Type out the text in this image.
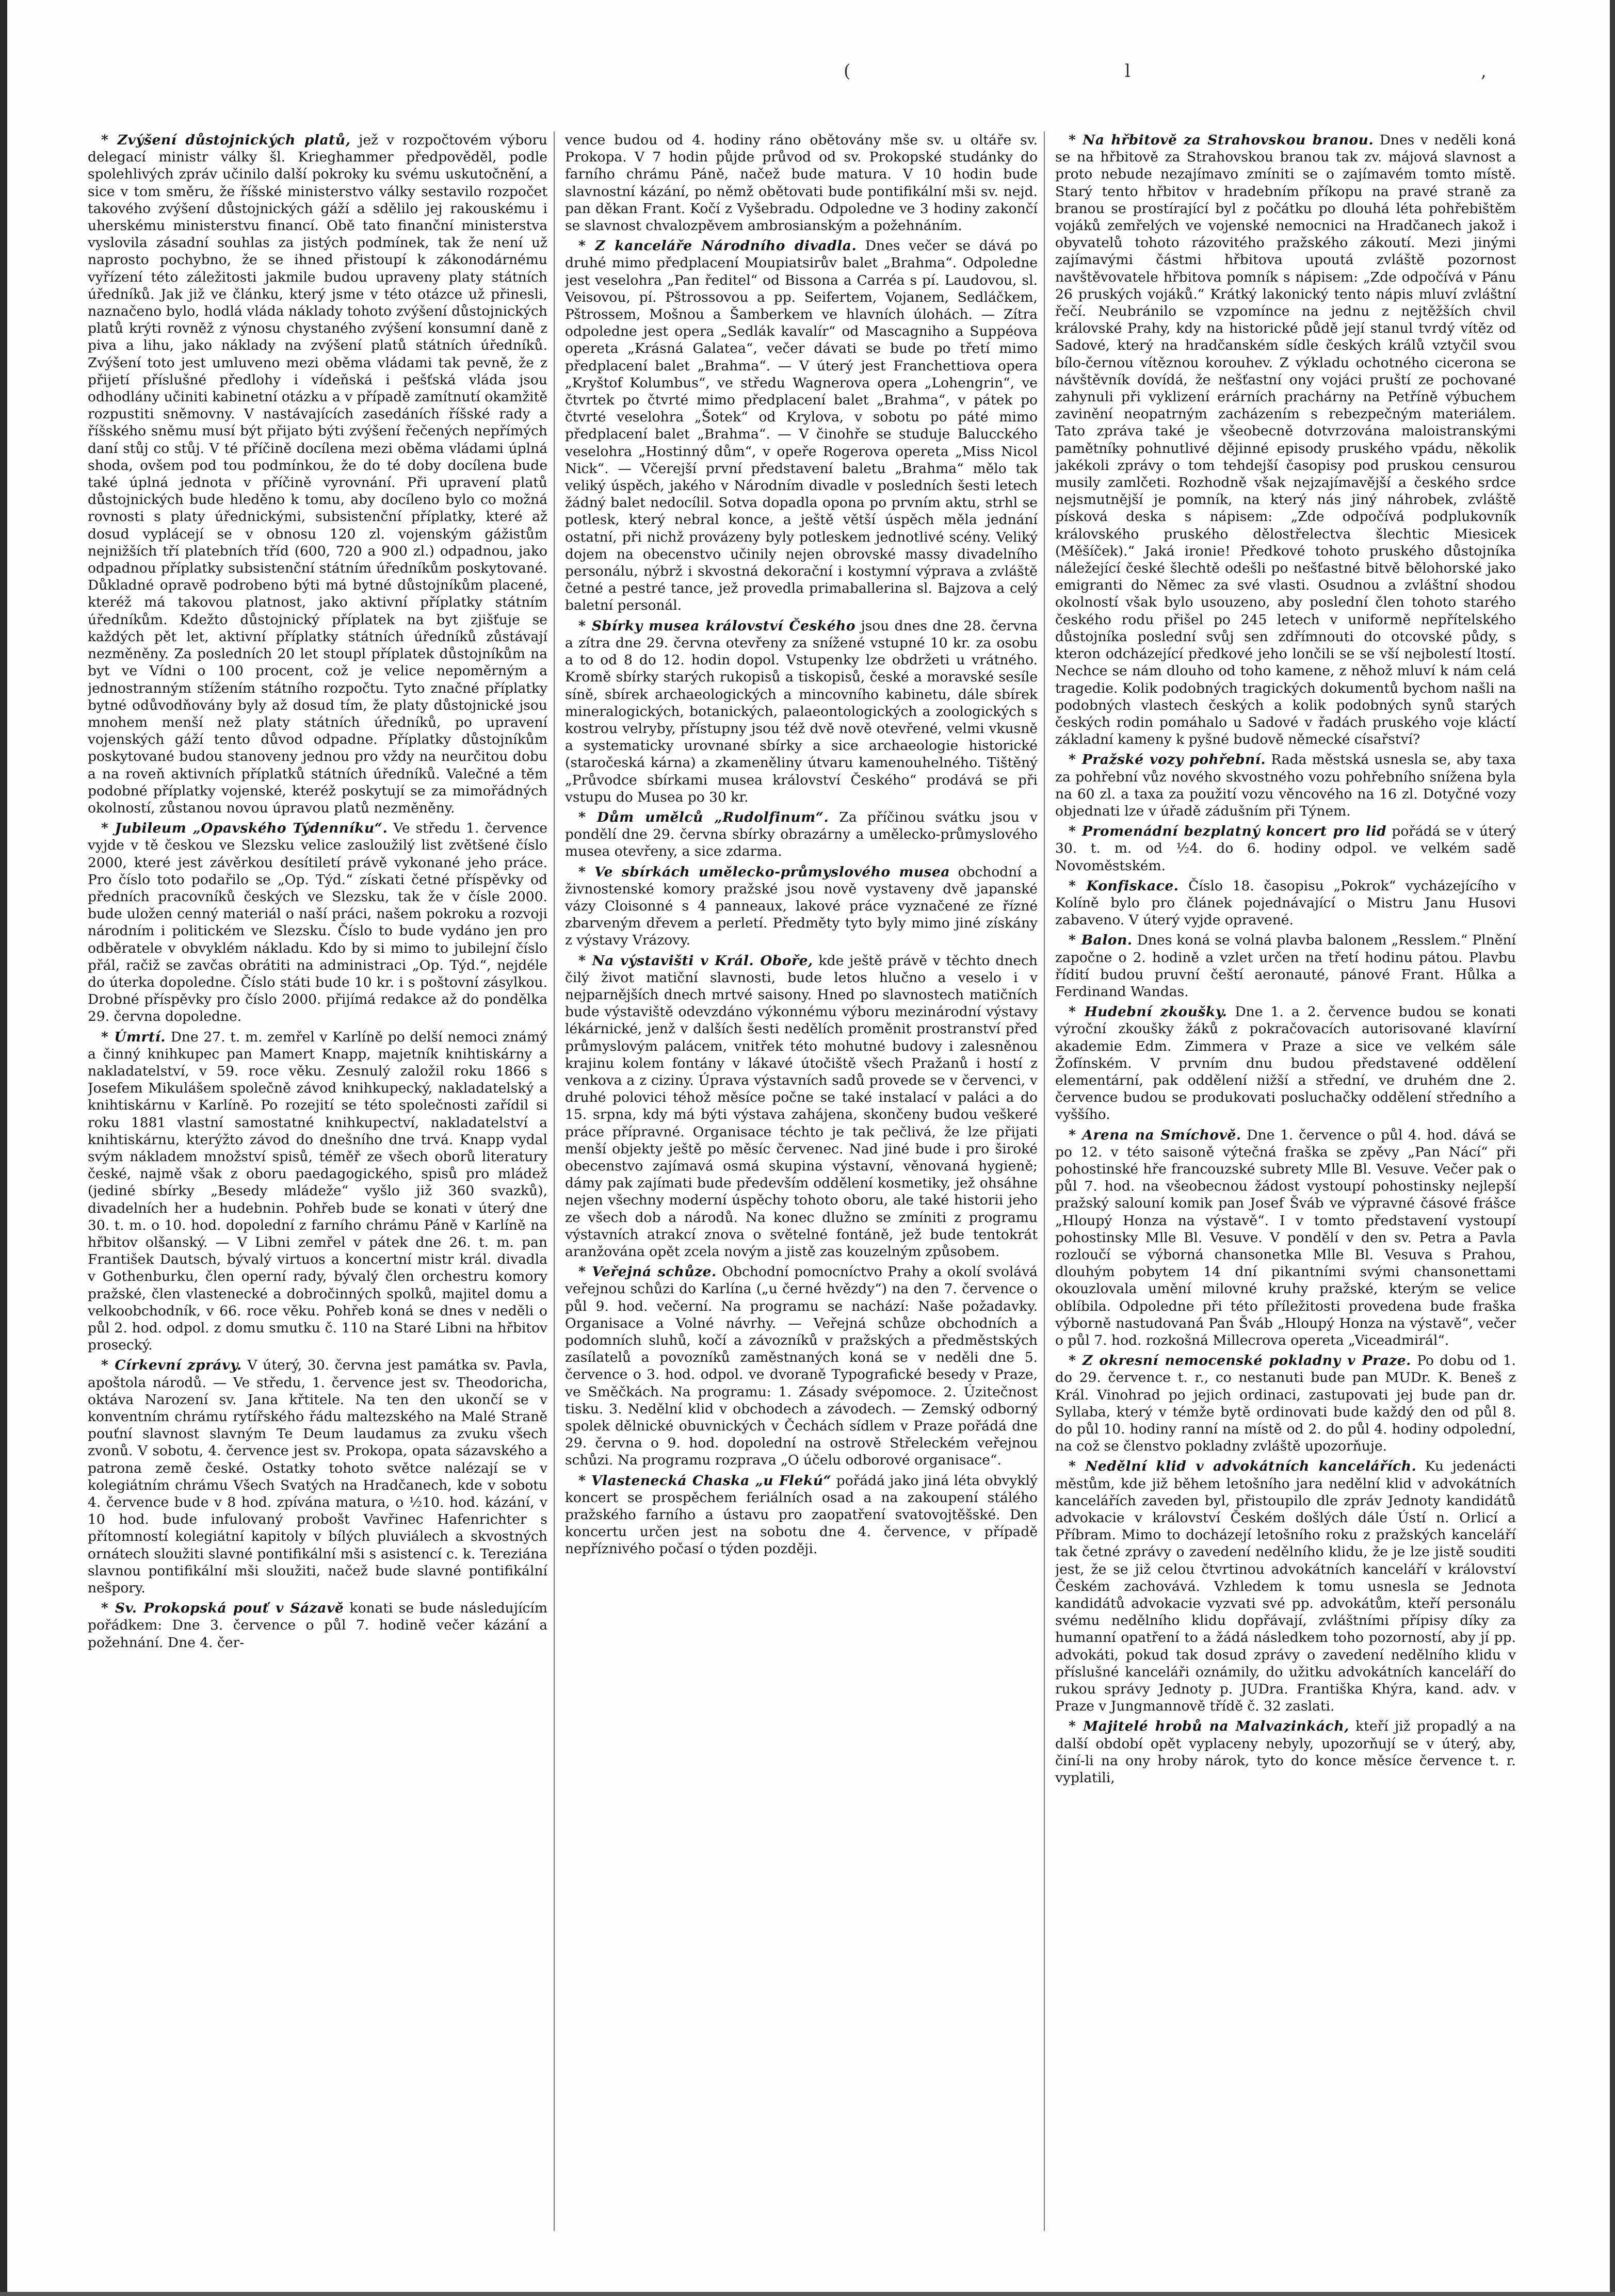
(	l	,

* Zvýšení důstojnických platů, jež v rozpočtovém výboru delegací ministr války šl. Krieghammer předpověděl, podle spolehlivých zpráv učinilo další pokroky ku svému uskutočnění, a sice v tom směru, že říšské ministerstvo války sestavilo rozpočet takového zvýšení důstojnických gáží a sdělilo jej rakouskému i uherskému ministerstvu financí. Obě tato finanční ministerstva vyslovila zásadní souhlas za jistých podmínek, tak že není už naprosto pochybno, že se ihned přistoupí k zákonodárnému vyřízení této záležitosti jakmile budou upraveny platy státních úředníků. Jak již ve článku, který jsme v této otázce už přinesli, naznačeno bylo, hodlá vláda náklady tohoto zvýšení důstojnických platů krýti rovněž z výnosu chystaného zvýšení konsumní daně z piva a lihu, jako náklady na zvýšení platů státních úředníků. Zvýšení toto jest umluveno mezi oběma vládami tak pevně, že z přijetí příslušné předlohy i vídeňská i pešťská vláda jsou odhodlány učiniti kabinetní otázku a v případě zamítnutí okamžitě rozpustiti sněmovny. V nastávajících zasedáních říšské rady a říšského sněmu musí být přijato býti zvýšení řečených nepřímých daní stůj co stůj. V té příčině docílena mezi oběma vládami úplná shoda, ovšem pod tou podmínkou, že do té doby docílena bude také úplná jednota v příčině vyrovnání. Při upravení platů důstojnických bude hleděno k tomu, aby docíleno bylo co možná rovnosti s platy úřednickými, subsistenční příplatky, které až dosud vyplácejí se v obnosu 120 zl. vojenským gážistům nejnižších tří platebních tříd (600, 720 a 900 zl.) odpadnou, jako odpadnou příplatky subsistenční státním úředníkům poskytované. Důkladné opravě podrobeno býti má bytné důstojníkům placené, kteréž má takovou platnost, jako aktivní příplatky státním úředníkům. Kdežto důstojnický příplatek na byt zjišťuje se každých pět let, aktivní příplatky státních úředníků zůstávají nezměněny. Za posledních 20 let stoupl příplatek důstojníkům na byt ve Vídni o 100 procent, což je velice nepoměrným a jednostranným stížením státního rozpočtu. Tyto značné příplatky bytné odůvodňovány byly až dosud tím, že platy důstojnické jsou mnohem menší než platy státních úředníků, po upravení vojenských gáží tento důvod odpadne. Příplatky důstojníkům poskytované budou stanoveny jednou pro vždy na neurčitou dobu a na roveň aktivních příplatků státních úředníků. Valečné a těm podobné příplatky vojenské, kteréž poskytují se za mimořádných okolností, zůstanou novou úpravou platů nezměněny.

* Jubileum „Opavského Týdenníku“. Ve středu 1. července vyjde v tě českou ve Slezsku velice zasloužilý list zvětšené číslo 2000, které jest závěrkou desítiletí právě vykonané jeho práce. Pro číslo toto podařilo se „Op. Týd.“ získati četné příspěvky od předních pracovníků českých ve Slezsku, tak že v čísle 2000. bude uložen cenný materiál o naší práci, našem pokroku a rozvoji národním i politickém ve Slezsku. Číslo to bude vydáno jen pro odběratele v obvyklém nákladu. Kdo by si mimo to jubilejní číslo přál, račiž se zavčas obrátiti na administraci „Op. Týd.“, nejdéle do úterka dopoledne. Číslo státi bude 10 kr. i s poštovní zásylkou. Drobné příspěvky pro číslo 2000. přijímá redakce až do pondělka 29. června dopoledne.

* Úmrtí. Dne 27. t. m. zemřel v Karlíně po delší nemoci známý a činný knihkupec pan Mamert Knapp, majetník knihtiskárny a nakladatelství, v 59. roce věku. Zesnulý založil roku 1866 s Josefem Mikulášem společně závod knihkupecký, nakladatelský a knihtiskárnu v Karlíně. Po rozejití se této společnosti zařídil si roku 1881 vlastní samostatné knihkupectví, nakladatelství a knihtiskárnu, kterýžto závod do dnešního dne trvá. Knapp vydal svým nákladem množství spisů, téměř ze všech oborů literatury české, najmě však z oboru paedagogického, spisů pro mládež (jediné sbírky „Besedy mládeže“ vyšlo již 360 svazků), divadelních her a hudebnin. Pohřeb bude se konati v úterý dne 30. t. m. o 10. hod. dopolední z farního chrámu Páně v Karlíně na hřbitov olšanský. — V Libni zemřel v pátek dne 26. t. m. pan František Dautsch, bývalý virtuos a koncertní mistr král. divadla v Gothenburku, člen operní rady, bývalý člen orchestru komory pražské, člen vlastenecké a dobročinných spolků, majitel domu a velkoobchodník, v 66. roce věku. Pohřeb koná se dnes v neděli o půl 2. hod. odpol. z domu smutku č. 110 na Staré Libni na hřbitov prosecký.

* Církevní zprávy. V úterý, 30. června jest památka sv. Pavla, apoštola národů. — Ve středu, 1. července jest sv. Theodoricha, oktáva Narození sv. Jana křtitele. Na ten den ukončí se v konventním chrámu rytířského řádu maltezského na Malé Straně pouťní slavnost slavným Te Deum laudamus za zvuku všech zvonů. V sobotu, 4. července jest sv. Prokopa, opata sázavského a patrona země české. Ostatky tohoto světce nalézají se v kolegiátním chrámu Všech Svatých na Hradčanech, kde v sobotu 4. července bude v 8 hod. zpívána matura, o ½10. hod. kázání, v 10 hod. bude infulovaný probošt Vavřinec Hafenrichter s přítomností kolegiátní kapitoly v bílých pluviálech a skvostných ornátech sloužiti slavné pontifikální mši s asistencí c. k. Tereziána slavnou pontifikální mši sloužiti, načež bude slavné pontifikální nešpory.

* Sv. Prokopská pouť v Sázavě konati se bude následujícím pořádkem: Dne 3. července o půl 7. hodině večer kázání a požehnání. Dne 4. čer-

vence budou od 4. hodiny ráno obětovány mše sv. u oltáře sv. Prokopa. V 7 hodin půjde průvod od sv. Prokopské studánky do farního chrámu Páně, načež bude matura. V 10 hodin bude slavnostní kázání, po němž obětovati bude pontifikální mši sv. nejd. pan děkan Frant. Kočí z Vyšebradu. Odpoledne ve 3 hodiny zakončí se slavnost chvalozpěvem ambrosianským a požehnáním.

* Z kanceláře Národního divadla. Dnes večer se dává po druhé mimo předplacení Moupiatsirův balet „Brahma“. Odpoledne jest veselohra „Pan ředitel“ od Bissona a Carréa s pí. Laudovou, sl. Veisovou, pí. Pštrossovou a pp. Seifertem, Vojanem, Sedláčkem, Pštrossem, Mošnou a Šamberkem ve hlavních úlohách. — Zítra odpoledne jest opera „Sedlák kavalír“ od Mascagniho a Suppéova opereta „Krásná Galatea“, večer dávati se bude po třetí mimo předplacení balet „Brahma“. — V úterý jest Franchettiova opera „Kryštof Kolumbus“, ve středu Wagnerova opera „Lohengrin“, ve čtvrtek po čtvrté mimo předplacení balet „Brahma“, v pátek po čtvrté veselohra „Šotek“ od Krylova, v sobotu po páté mimo předplacení balet „Brahma“. — V činohře se studuje Balucckého veselohra „Hostinný dům“, v opeře Rogerova opereta „Miss Nicol Nick“. — Včerejší první představení baletu „Brahma“ mělo tak veliký úspěch, jakého v Národním divadle v posledních šesti letech žádný balet nedocílil. Sotva dopadla opona po prvním aktu, strhl se potlesk, který nebral konce, a ještě větší úspěch měla jednání ostatní, při nichž provázeny byly potleskem jednotlivé scény. Veliký dojem na obecenstvo učinily nejen obrovské massy divadelního personálu, nýbrž i skvostná dekorační i kostymní výprava a zvláště četné a pestré tance, jež provedla primaballerina sl. Bajzova a celý baletní personál.

* Sbírky musea království Českého jsou dnes dne 28. června a zítra dne 29. června otevřeny za snížené vstupné 10 kr. za osobu a to od 8 do 12. hodin dopol. Vstupenky lze obdržeti u vrátného. Kromě sbírky starých rukopisů a tiskopisů, české a moravské sesíle síně, sbírek archaeologických a mincovního kabinetu, dále sbírek mineralogických, botanických, palaeontologických a zoologických s kostrou velryby, přístupny jsou též dvě nově otevřené, velmi vkusně a systematicky urovnané sbírky a sice archaeologie historické (staročeská kárna) a zkameněliny útvaru kamenouhelného. Tištěný „Průvodce sbírkami musea království Českého“ prodává se při vstupu do Musea po 30 kr.

* Dům umělců „Rudolfinum“. Za příčinou svátku jsou v pondělí dne 29. června sbírky obrazárny a umělecko-průmyslového musea otevřeny, a sice zdarma.

* Ve sbírkách umělecko-průmyslového musea obchodní a živnostenské komory pražské jsou nově vystaveny dvě japanské vázy Cloisonné s 4 panneaux, lakové práce vyznačené ze řízné zbarveným dřevem a perletí. Předměty tyto byly mimo jiné získány z výstavy Vrázovy.

* Na výstavišti v Král. Oboře, kde ještě právě v těchto dnech čilý život matiční slavnosti, bude letos hlučno a veselo i v nejparnějších dnech mrtvé saisony. Hned po slavnostech matičních bude výstaviště odevzdáno výkonnému výboru mezinárodní výstavy lékárnické, jenž v dalších šesti nedělích proměnit prostranství před průmyslovým palácem, vnitřek této mohutné budovy i zalesněnou krajinu kolem fontány v lákavé útočiště všech Pražanů i hostí z venkova a z ciziny. Úprava výstavních sadů provede se v červenci, v druhé polovici téhož měsíce počne se také instalací v paláci a do 15. srpna, kdy má býti výstava zahájena, skončeny budou veškeré práce přípravné. Organisace téchto je tak pečlivá, že lze přijati menší objekty ještě po měsíc červenec. Nad jiné bude i pro široké obecenstvo zajímavá osmá skupina výstavní, věnovaná hygieně; dámy pak zajímati bude především oddělení kosmetiky, jež ohsáhne nejen všechny moderní úspěchy tohoto oboru, ale také historii jeho ze všech dob a národů. Na konec dlužno se zmíniti z programu výstavních atrakcí znova o světelné fontáně, jež bude tentokrát aranžována opět zcela novým a jistě zas kouzelným způsobem.

* Veřejná schůze. Obchodní pomocníctvo Prahy a okolí svolává veřejnou schůzi do Karlína („u černé hvězdy“) na den 7. července o půl 9. hod. večerní. Na programu se nachází: Naše požadavky. Organisace a Volné návrhy. — Veřejná schůze obchodních a podomních sluhů, kočí a závozníků v pražských a předměstských zasílatelů a povozníků zaměstnaných koná se v neděli dne 5. července o 3. hod. odpol. ve dvoraně Typografické besedy v Praze, ve Směčkách. Na programu: 1. Zásady svépomoce. 2. Úzitečnost tisku. 3. Nedělní klid v obchodech a závodech. — Zemský odborný spolek dělnické obuvnických v Čechách sídlem v Praze pořádá dne 29. června o 9. hod. dopolední na ostrově Střeleckém veřejnou schůzi. Na programu rozprava „O účelu odborové organisace“.

* Vlastenecká Chaska „u Flekú“ pořádá jako jiná léta obvyklý koncert se prospěchem feriálních osad a na zakoupení stálého pražského farního a ústavu pro zaopatření svatovojtěšské. Den koncertu určen jest na sobotu dne 4. července, v případě nepříznivého počasí o týden později.

* Na hřbitově za Strahovskou branou. Dnes v neděli koná se na hřbitově za Strahovskou branou tak zv. májová slavnost a proto nebude nezajímavo zmíniti se o zajímavém tomto místě. Starý tento hřbitov v hradebním příkopu na pravé straně za branou se prostírající byl z počátku po dlouhá léta pohřebištěm vojáků zemřelých ve vojenské nemocnici na Hradčanech jakož i obyvatelů tohoto rázovitého pražského zákoutí. Mezi jinými zajímavými částmi hřbitova upoutá zvláště pozornost navštěvovatele hřbitova pomník s nápisem: „Zde odpočívá v Pánu 26 pruských vojáků.“ Krátký lakonický tento nápis mluví zvláštní řečí. Neubránilo se vzpomínce na jednu z nejtěžších chvil královské Prahy, kdy na historické půdě její stanul tvrdý vítěz od Sadové, který na hradčanském sídle českých králů vztyčil svou bílo-černou vítěznou korouhev. Z výkladu ochotného cicerona se návštěvník dovídá, že nešťastní ony vojáci pruští ze pochované zahynuli při vyklizení erárních prachárny na Petříně výbuchem zavinění neopatrným zacházením s rebezpečným materiálem. Tato zpráva také je všeobecně dotvrzována maloistranskými pamětníky pohnutlivé dějinné episody pruského vpádu, několik jakékoli zprávy o tom tehdejší časopisy pod pruskou censurou musily zamlčeti. Rozhodně však nejzajímavější a českého srdce nejsmutnější je pomník, na který nás jiný náhrobek, zvláště písková deska s nápisem: „Zde odpočívá podplukovník královského pruského dělostřelectva šlechtic Miesicek (Měšíček).“ Jaká ironie! Předkové tohoto pruského důstojníka náležející české šlechtě odešli po nešťastné bitvě bělohorské jako emigranti do Němec za své vlasti. Osudnou a zvláštní shodou okolností však bylo usouzeno, aby poslední člen tohoto starého českého rodu přišel po 245 letech v uniformě nepřítelského důstojníka poslední svůj sen zdřímnouti do otcovské půdy, s kteron odcházející předkové jeho lončili se se vší nejbolestí ltostí. Nechce se nám dlouho od toho kamene, z něhož mluví k nám celá tragedie. Kolik podobných tragických dokumentů bychom našli na podobných vlastech českých a kolik podobných synů starých českých rodin pomáhalo u Sadové v řadách pruského voje kláctí základní kameny k pyšné budově německé císařství?

* Pražské vozy pohřební. Rada městská usnesla se, aby taxa za pohřební vůz nového skvostného vozu pohřebního snížena byla na 60 zl. a taxa za použití vozu věncového na 16 zl. Dotyčné vozy objednati lze v úřadě zádušním při Týnem.

* Promenádní bezplatný koncert pro lid pořádá se v úterý 30. t. m. od ½4. do 6. hodiny odpol. ve velkém sadě Novoměstském.

* Konfiskace. Číslo 18. časopisu „Pokrok“ vycházejícího v Kolíně bylo pro článek pojednávající o Mistru Janu Husovi zabaveno. V úterý vyjde opravené.

* Balon. Dnes koná se volná plavba balonem „Resslem.“ Plnění započne o 2. hodině a vzlet určen na třetí hodinu pátou. Plavbu řídití budou pruvní čeští aeronauté, pánové Frant. Hůlka a Ferdinand Wandas.

* Hudební zkoušky. Dne 1. a 2. července budou se konati výroční zkoušky žáků z pokračovacích autorisované klavírní akademie Edm. Zimmera v Praze a sice ve velkém sále Žofínském. V prvním dnu budou představené oddělení elementární, pak oddělení nižší a střední, ve druhém dne 2. července budou se produkovati posluchačky oddělení středního a vyššího.

* Arena na Smíchově. Dne 1. července o půl 4. hod. dává se po 12. v této saisoně výtečná fraška se zpěvy „Pan Nácí“ při pohostinské hře francouzské subrety Mlle Bl. Vesuve. Večer pak o půl 7. hod. na všeobecnou žádost vystoupí pohostinsky nejlepší pražský salouní komik pan Josef Šváb ve výpravné čásové frášce „Hloupý Honza na výstavě“. I v tomto představení vystoupí pohostinsky Mlle Bl. Vesuve. V pondělí v den sv. Petra a Pavla rozloučí se výborná chansonetka Mlle Bl. Vesuva s Prahou, dlouhým pobytem 14 dní pikantními svými chansonettami okouzlovala umění milovné kruhy pražské, kterým se velice oblíbila. Odpoledne při této příležitosti provedena bude fraška výborně nastudovaná Pan Šváb „Hloupý Honza na výstavě“, večer o půl 7. hod. rozkošná Millecrova opereta „Viceadmirál“.

* Z okresní nemocenské pokladny v Praze. Po dobu od 1. do 29. července t. r., co nestanuti bude pan MUDr. K. Beneš z Král. Vinohrad po jejich ordinaci, zastupovati jej bude pan dr. Syllaba, který v témže bytě ordinovati bude každý den od půl 8. do půl 10. hodiny ranní na místě od 2. do půl 4. hodiny odpolední, na což se členstvo pokladny zvláště upozorňuje.

* Nedělní klid v advokátních kancelářích. Ku jedenácti městům, kde již během letošního jara nedělní klid v advokátních kancelářích zaveden byl, přistoupilo dle zpráv Jednoty kandidátů advokacie v království Českém došlých dále Ústí n. Orlicí a Příbram. Mimo to docházejí letošního roku z pražských kanceláří tak četné zprávy o zavedení nedělního klidu, že je lze jistě souditi jest, že se již celou čtvrtinou advokátních kanceláří v království Českém zachovává. Vzhledem k tomu usnesla se Jednota kandidátů advokacie vyzvati své pp. advokátům, kteří personálu svému nedělního klidu dopřávají, zvláštními přípisy díky za humanní opatření to a žádá následkem toho pozorností, aby jí pp. advokáti, pokud tak dosud zprávy o zavedení nedělního klidu v příslušné kanceláři oznámily, do užitku advokátních kanceláří do rukou správy Jednoty p. JUDra. Františka Khýra, kand. adv. v Praze v Jungmannově třídě č. 32 zaslati.

* Majitelé hrobů na Malvazinkách, kteří již propadlý a na další období opět vyplaceny nebyly, upozorňují se v úterý, aby, činí-li na ony hroby nárok, tyto do konce měsíce července t. r. vyplatili,
